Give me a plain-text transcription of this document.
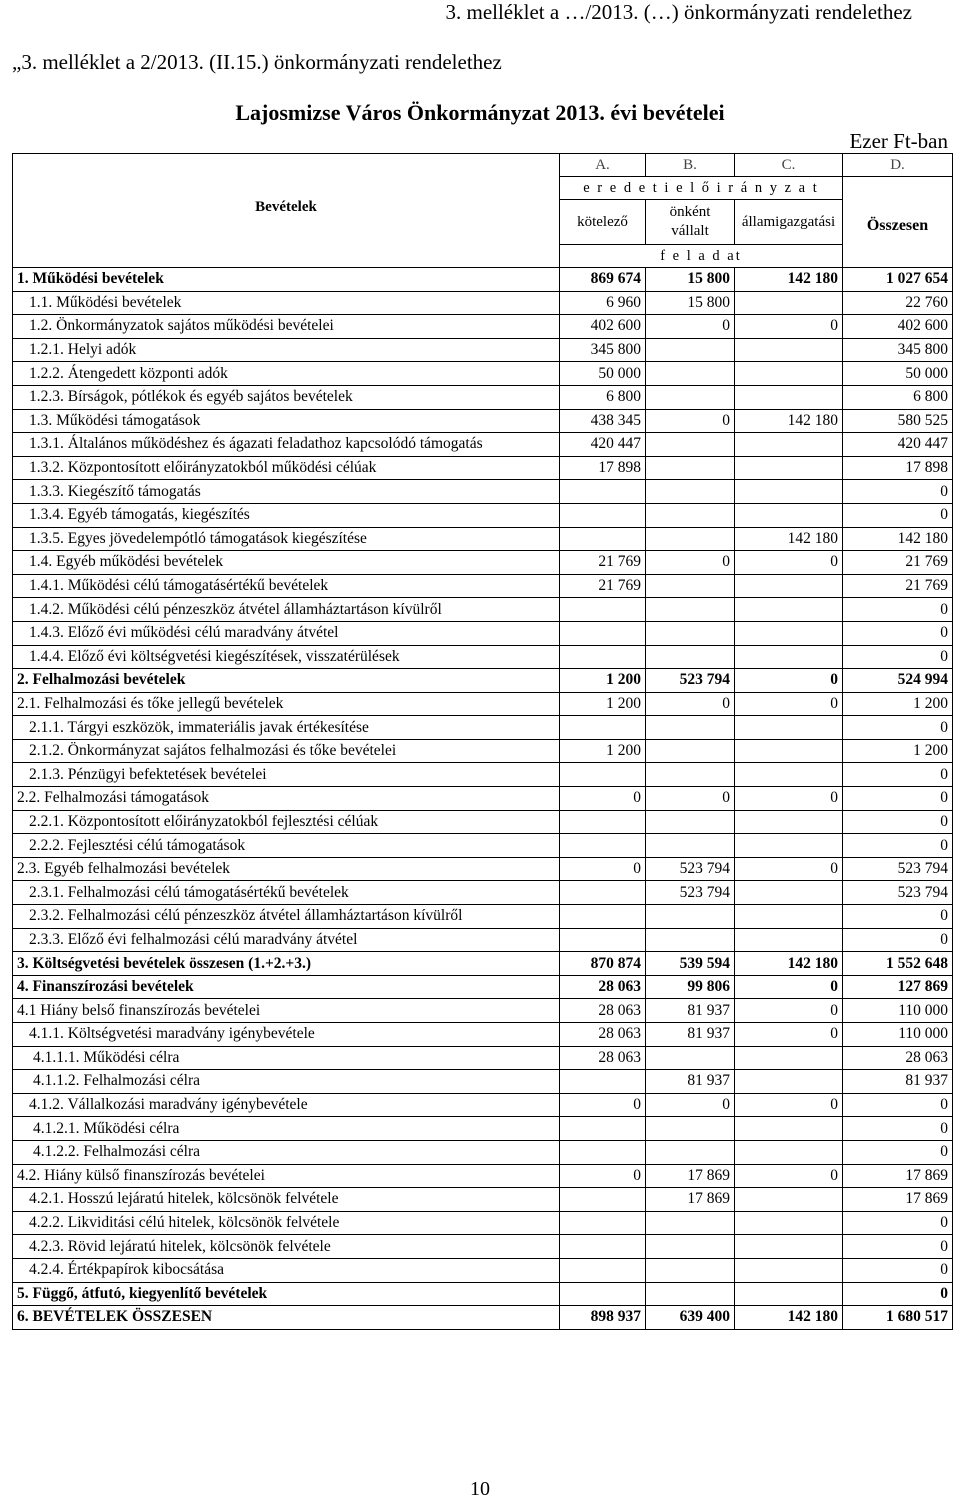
3. melléklet a …/2013. (…) önkormányzati rendelethez
„3. melléklet a 2/2013. (II.15.) önkormányzati rendelethez
Lajosmizse Város Önkormányzat 2013. évi bevételei
Ezer Ft-ban
Bevételek	A.	B.	C.	D.
	e r e d e t i e l ő i r á n y z a t			Összesen
	kötelező	önként vállalt	államigazgatási	
	f e l a d at			
1. Működési bevételek	869 674	15 800	142 180	1 027 654
1.1. Működési bevételek	6 960	15 800		22 760
1.2. Önkormányzatok sajátos működési bevételei	402 600	0	0	402 600
1.2.1. Helyi adók	345 800			345 800
1.2.2. Átengedett központi adók	50 000			50 000
1.2.3. Bírságok, pótlékok és egyéb sajátos bevételek	6 800			6 800
1.3. Működési támogatások	438 345	0	142 180	580 525
1.3.1. Általános működéshez és ágazati feladathoz kapcsolódó támogatás	420 447			420 447
1.3.2. Központosított előirányzatokból működési célúak	17 898			17 898
1.3.3. Kiegészítő támogatás				0
1.3.4. Egyéb támogatás, kiegészítés				0
1.3.5. Egyes jövedelempótló támogatások kiegészítése			142 180	142 180
1.4. Egyéb működési bevételek	21 769	0	0	21 769
1.4.1. Működési célú támogatásértékű bevételek	21 769			21 769
1.4.2. Működési célú pénzeszköz átvétel államháztartáson kívülről				0
1.4.3. Előző évi működési célú maradvány átvétel				0
1.4.4. Előző évi költségvetési kiegészítések, visszatérülések				0
2. Felhalmozási bevételek	1 200	523 794	0	524 994
2.1. Felhalmozási és tőke jellegű bevételek	1 200	0	0	1 200
2.1.1. Tárgyi eszközök, immateriális javak értékesítése				0
2.1.2. Önkormányzat sajátos felhalmozási és tőke bevételei	1 200			1 200
2.1.3. Pénzügyi befektetések bevételei				0
2.2. Felhalmozási támogatások	0	0	0	0
2.2.1. Központosított előirányzatokból fejlesztési célúak				0
2.2.2. Fejlesztési célú támogatások				0
2.3. Egyéb felhalmozási bevételek	0	523 794	0	523 794
2.3.1. Felhalmozási célú támogatásértékű bevételek		523 794		523 794
2.3.2. Felhalmozási célú pénzeszköz átvétel államháztartáson kívülről				0
2.3.3. Előző évi felhalmozási célú maradvány átvétel				0
3. Költségvetési bevételek összesen (1.+2.+3.)	870 874	539 594	142 180	1 552 648
4. Finanszírozási bevételek	28 063	99 806	0	127 869
4.1 Hiány belső finanszírozás bevételei	28 063	81 937	0	110 000
4.1.1. Költségvetési maradvány igénybevétele	28 063	81 937	0	110 000
4.1.1.1. Működési célra	28 063			28 063
4.1.1.2. Felhalmozási célra		81 937		81 937
4.1.2. Vállalkozási maradvány igénybevétele	0	0	0	0
4.1.2.1. Működési célra				0
4.1.2.2. Felhalmozási célra				0
4.2. Hiány külső finanszírozás bevételei	0	17 869	0	17 869
4.2.1. Hosszú lejáratú hitelek, kölcsönök felvétele		17 869		17 869
4.2.2. Likviditási célú hitelek, kölcsönök felvétele				0
4.2.3. Rövid lejáratú hitelek, kölcsönök felvétele				0
4.2.4. Értékpapírok kibocsátása				0
5. Függő, átfutó, kiegyenlítő bevételek				0
6. BEVÉTELEK ÖSSZESEN	898 937	639 400	142 180	1 680 517
10
